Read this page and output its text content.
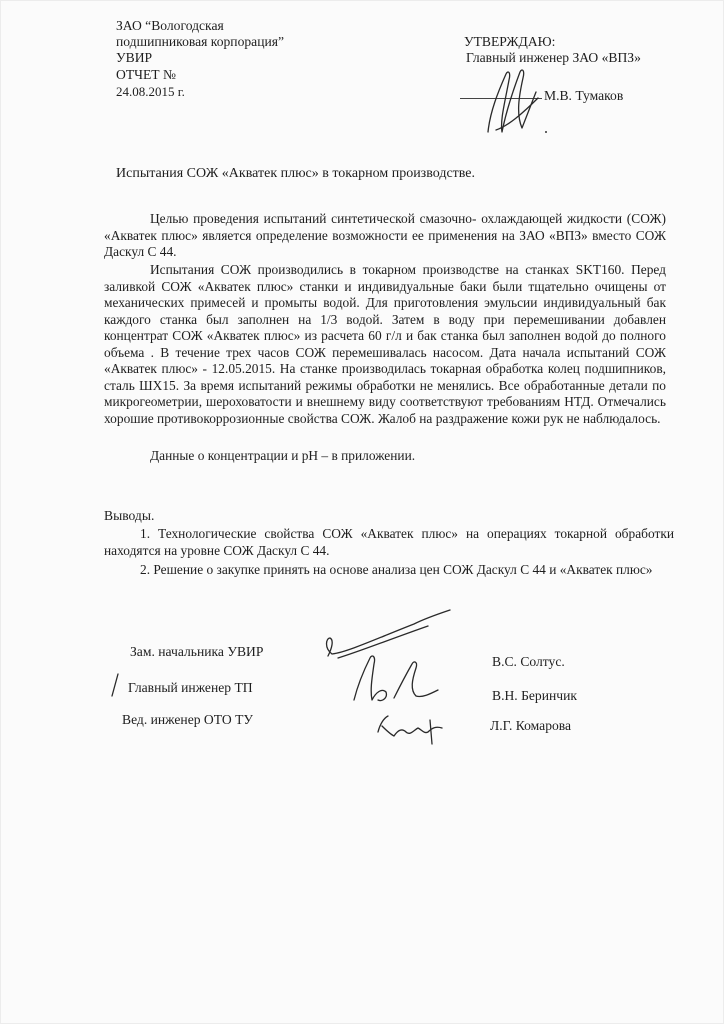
ЗАО “Вологодская
подшипниковая корпорация”
УВИР
ОТЧЕТ №
24.08.2015 г.
УТВЕРЖДАЮ:
Главный инженер ЗАО «ВПЗ»
М.В. Тумаков
Испытания СОЖ «Акватек плюс» в токарном производстве.
Целью проведения испытаний синтетической смазочно- охлаждающей жидкости (СОЖ) «Акватек плюс» является определение возможности ее применения на ЗАО «ВПЗ» вместо СОЖ Даскул С 44.
Испытания СОЖ производились в токарном производстве на станках SKT160. Перед заливкой СОЖ «Акватек плюс» станки и индивидуальные баки были тщательно очищены от механических примесей и промыты водой. Для приготовления эмульсии индивидуальный бак каждого станка был заполнен на 1/3 водой. Затем в воду при перемешивании добавлен концентрат СОЖ «Акватек плюс» из расчета 60 г/л и бак станка был заполнен водой до полного объема . В течение трех часов СОЖ перемешивалась насосом. Дата начала испытаний СОЖ «Акватек плюс» - 12.05.2015. На станке производилась токарная обработка колец подшипников, сталь ШХ15. За время испытаний режимы обработки не менялись. Все обработанные детали по микрогеометрии, шероховатости и внешнему виду соответствуют требованиям НТД. Отмечались хорошие противокоррозионные свойства СОЖ. Жалоб на раздражение кожи рук не наблюдалось.
Данные о концентрации и рН – в приложении.
Выводы.
1. Технологические свойства СОЖ «Акватек плюс» на операциях токарной обработки находятся на уровне СОЖ Даскул С 44.
2. Решение о закупке принять на основе анализа цен СОЖ Даскул С 44 и «Акватек плюс»
Зам. начальника УВИР
В.С. Солтус.
Главный инженер ТП
В.Н. Беринчик
Вед. инженер ОТО ТУ	Л.Г. Комарова
